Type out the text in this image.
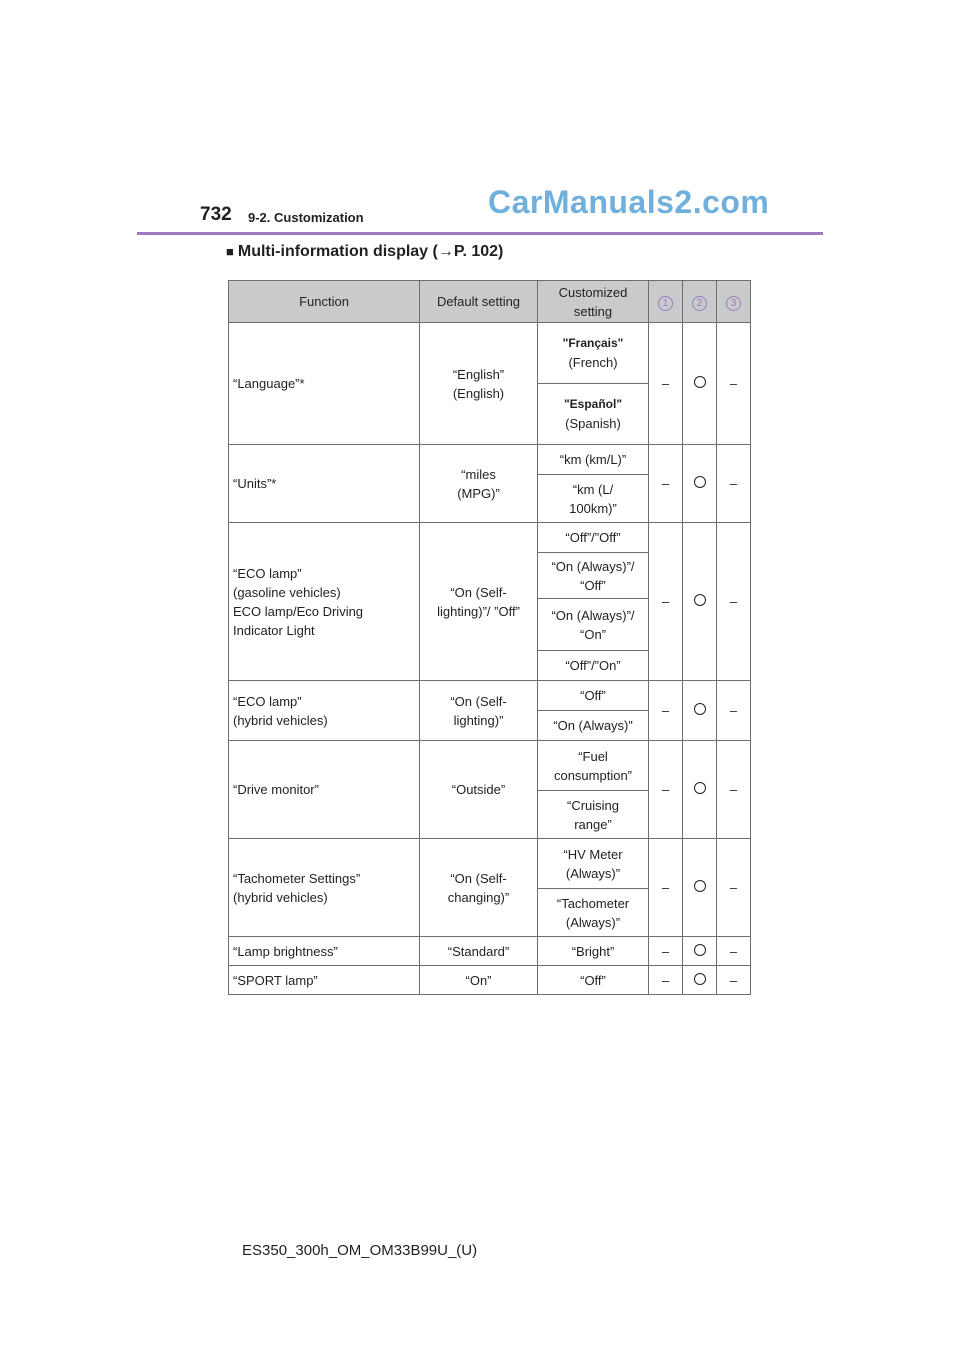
732 9-2. Customization	CarManuals2.com
■ Multi-information display (→P. 102)
Function	Default setting	Customized setting	1	2	3
“Language”*	“English” (English)	"Français"
(French)	–		–

		"Español"
(Spanish)			

“Units”*	“miles (MPG)”	“km (km/L)”	–		–
		“km (L/ 100km)”			

“ECO lamp”
(gasoline vehicles)
ECO lamp/Eco Driving
Indicator Light	“On (Self-lighting)”/ ”Off”	“Off”/”Off”	–		–
		“On (Always)”/ “Off”			
		“On (Always)”/ “On”			
		“Off”/”On”			

“ECO lamp”
(hybrid vehicles)	“On (Self-lighting)”	“Off”	–		–
		“On (Always)”			
“Drive monitor”	“Outside”	“Fuel consumption”	–		–
		“Cruising range”			

“Tachometer Settings”
(hybrid vehicles)	“On (Self- changing)”	“HV Meter (Always)”	–		–
		“Tachometer (Always)”			
“Lamp brightness”	“Standard”	“Bright”	–		–
“SPORT lamp”	“On”	“Off”	–		–
ES350_300h_OM_OM33B99U_(U)
